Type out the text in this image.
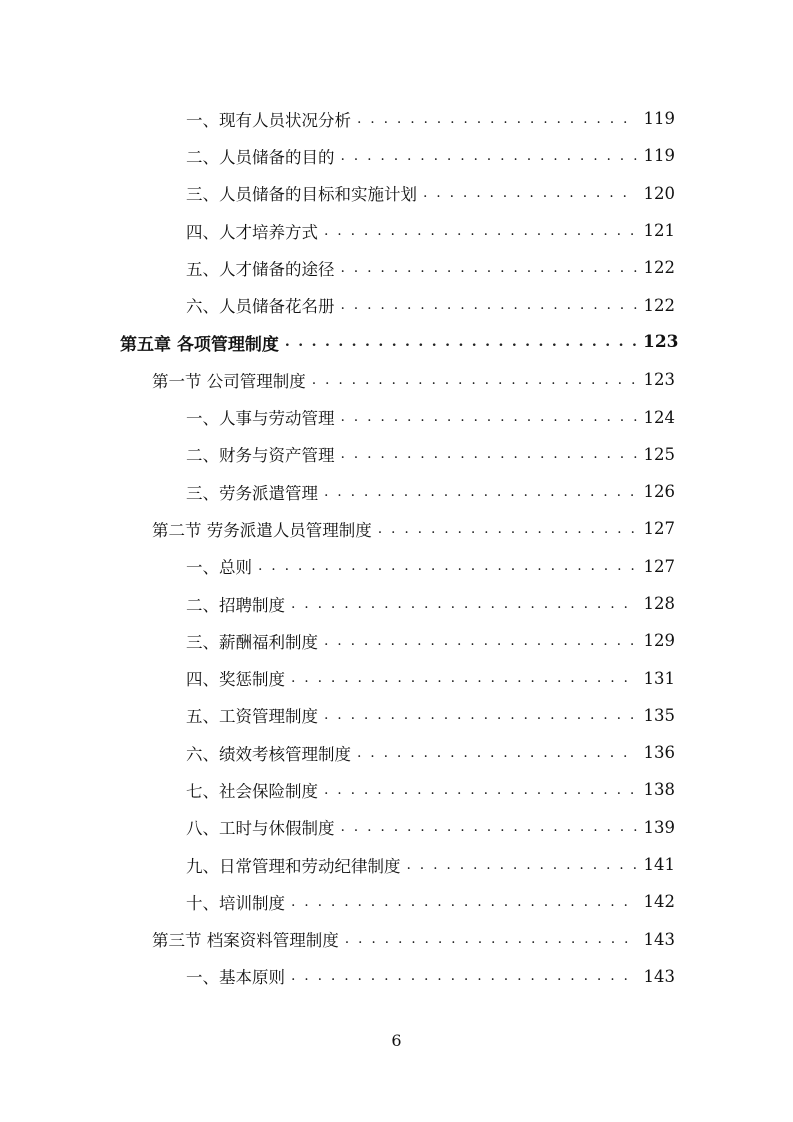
一、现有人员状况分析 . . .	119
二、人员储备的目的 . . .	119
三、人员储备的目标和实施计划 . . .	120
四、人才培养方式 . . .	121
五、人才储备的途径 . . .	122
六、人员储备花名册 . . .	122
第五章 各项管理制度 . . .	123
第一节 公司管理制度 . . .	123
一、人事与劳动管理 . . .	124
二、财务与资产管理 . . .	125
三、劳务派遣管理 . . .	126
第二节 劳务派遣人员管理制度 . . .	127
一、总则 . . .	127
二、招聘制度 . . .	128
三、薪酬福利制度 . . .	129
四、奖惩制度 . . .	131
五、工资管理制度 . . .	135
六、绩效考核管理制度 . . .	136
七、社会保险制度 . . .	138
八、工时与休假制度 . . .	139
九、日常管理和劳动纪律制度 . . .	141
十、培训制度 . . .	142
第三节 档案资料管理制度 . . .	143
一、基本原则 . . .	143
6
